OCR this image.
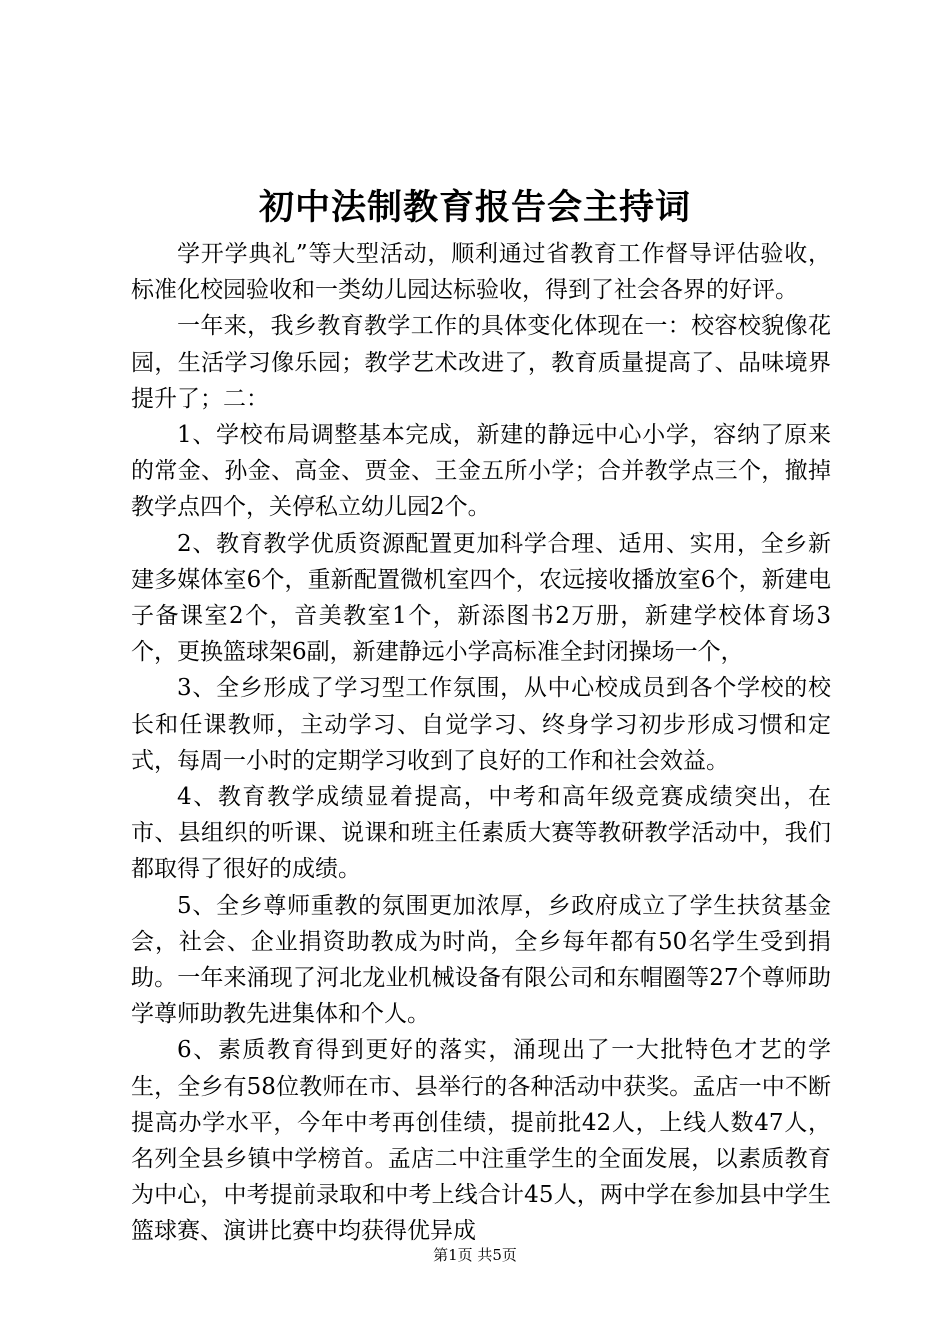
初中法制教育报告会主持词

学开学典礼”等大型活动，顺利通过省教育工作督导评估验收，标准化校园验收和一类幼儿园达标验收，得到了社会各界的好评。

一年来，我乡教育教学工作的具体变化体现在一：校容校貌像花园，生活学习像乐园；教学艺术改进了，教育质量提高了、品味境界提升了；二：

1、学校布局调整基本完成，新建的静远中心小学，容纳了原来的常金、孙金、高金、贾金、王金五所小学；合并教学点三个，撤掉教学点四个，关停私立幼儿园2个。

2、教育教学优质资源配置更加科学合理、适用、实用，全乡新建多媒体室6个，重新配置微机室四个，农远接收播放室6个，新建电子备课室2个，音美教室1个，新添图书2万册，新建学校体育场3个，更换篮球架6副，新建静远小学高标准全封闭操场一个，

3、全乡形成了学习型工作氛围，从中心校成员到各个学校的校长和任课教师，主动学习、自觉学习、终身学习初步形成习惯和定式，每周一小时的定期学习收到了良好的工作和社会效益。

4、教育教学成绩显着提高，中考和高年级竞赛成绩突出，在市、县组织的听课、说课和班主任素质大赛等教研教学活动中，我们都取得了很好的成绩。

5、全乡尊师重教的氛围更加浓厚，乡政府成立了学生扶贫基金会，社会、企业捐资助教成为时尚，全乡每年都有50名学生受到捐助。一年来涌现了河北龙业机械设备有限公司和东帽圈等27个尊师助学尊师助教先进集体和个人。

6、素质教育得到更好的落实，涌现出了一大批特色才艺的学生，全乡有58位教师在市、县举行的各种活动中获奖。孟店一中不断提高办学水平，今年中考再创佳绩，提前批42人，上线人数47人，名列全县乡镇中学榜首。孟店二中注重学生的全面发展，以素质教育为中心，中考提前录取和中考上线合计45人，两中学在参加县中学生篮球赛、演讲比赛中均获得优异成

第1页 共5页
